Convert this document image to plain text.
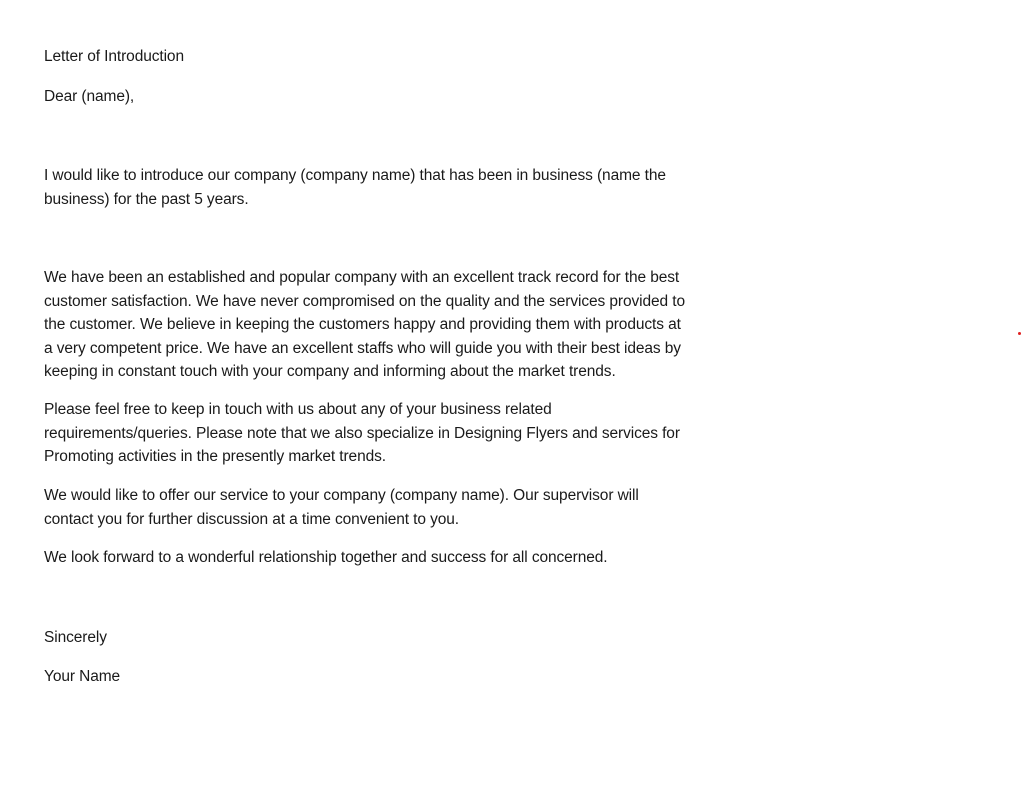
Letter of Introduction
Dear (name),
I would like to introduce our company (company name) that has been in business (name the
business) for the past 5 years.
We have been an established and popular company with an excellent track record for the best
customer satisfaction. We have never compromised on the quality and the services provided to
the customer. We believe in keeping the customers happy and providing them with products at
a very competent price. We have an excellent staffs who will guide you with their best ideas by
keeping in constant touch with your company and informing about the market trends.
Please feel free to keep in touch with us about any of your business related
requirements/queries. Please note that we also specialize in Designing Flyers and services for
Promoting activities in the presently market trends.
We would like to offer our service to your company (company name). Our supervisor will
contact you for further discussion at a time convenient to you.
We look forward to a wonderful relationship together and success for all concerned.
Sincerely
Your Name
